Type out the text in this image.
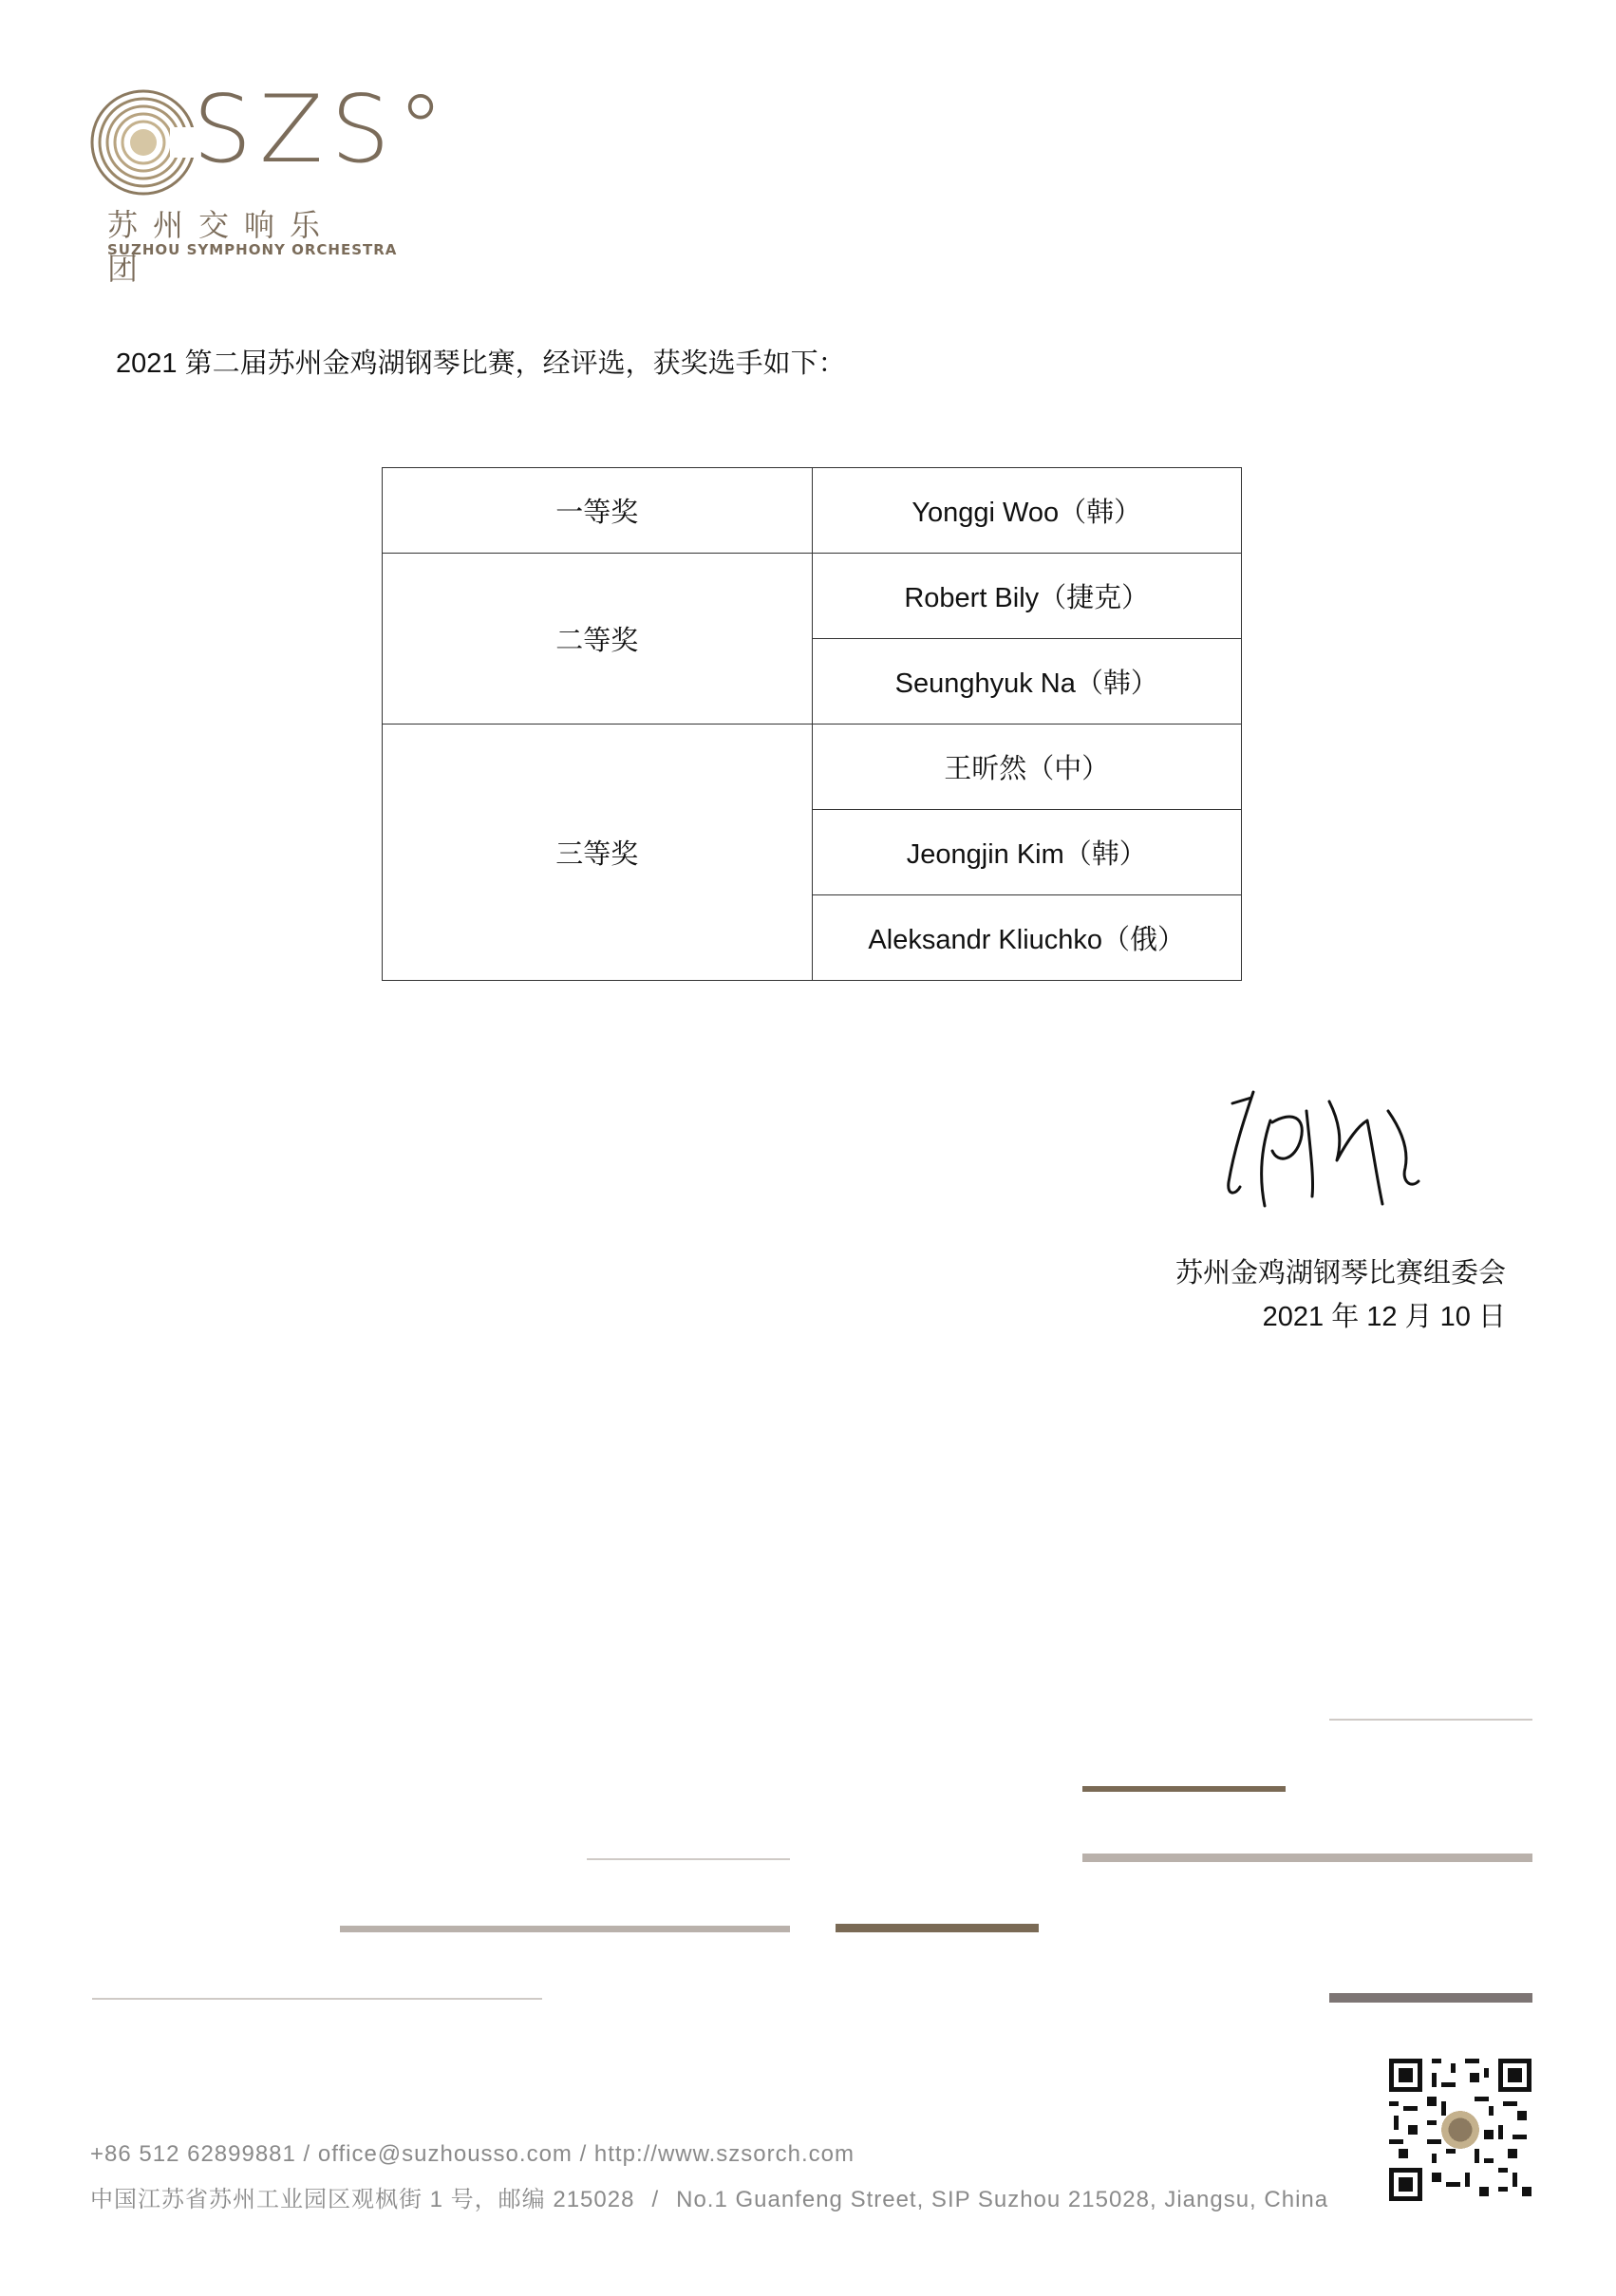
SZS°
苏州交响乐团
SUZHOU SYMPHONY ORCHESTRA
2021 第二届苏州金鸡湖钢琴比赛，经评选，获奖选手如下：
一等奖	Yonggi Woo（韩）
二等奖	Robert Bily（捷克）
	Seunghyuk Na（韩）
三等奖	王昕然（中）
	Jeongjin Kim（韩）
	Aleksandr Kliuchko（俄）
苏州金鸡湖钢琴比赛组委会
2021 年 12 月 10 日
+86 512 62899881 / office@suzhousso.com / http://www.szsorch.com
中国江苏省苏州工业园区观枫街 1 号，邮编 215028 / No.1 Guanfeng Street, SIP Suzhou 215028, Jiangsu, China
